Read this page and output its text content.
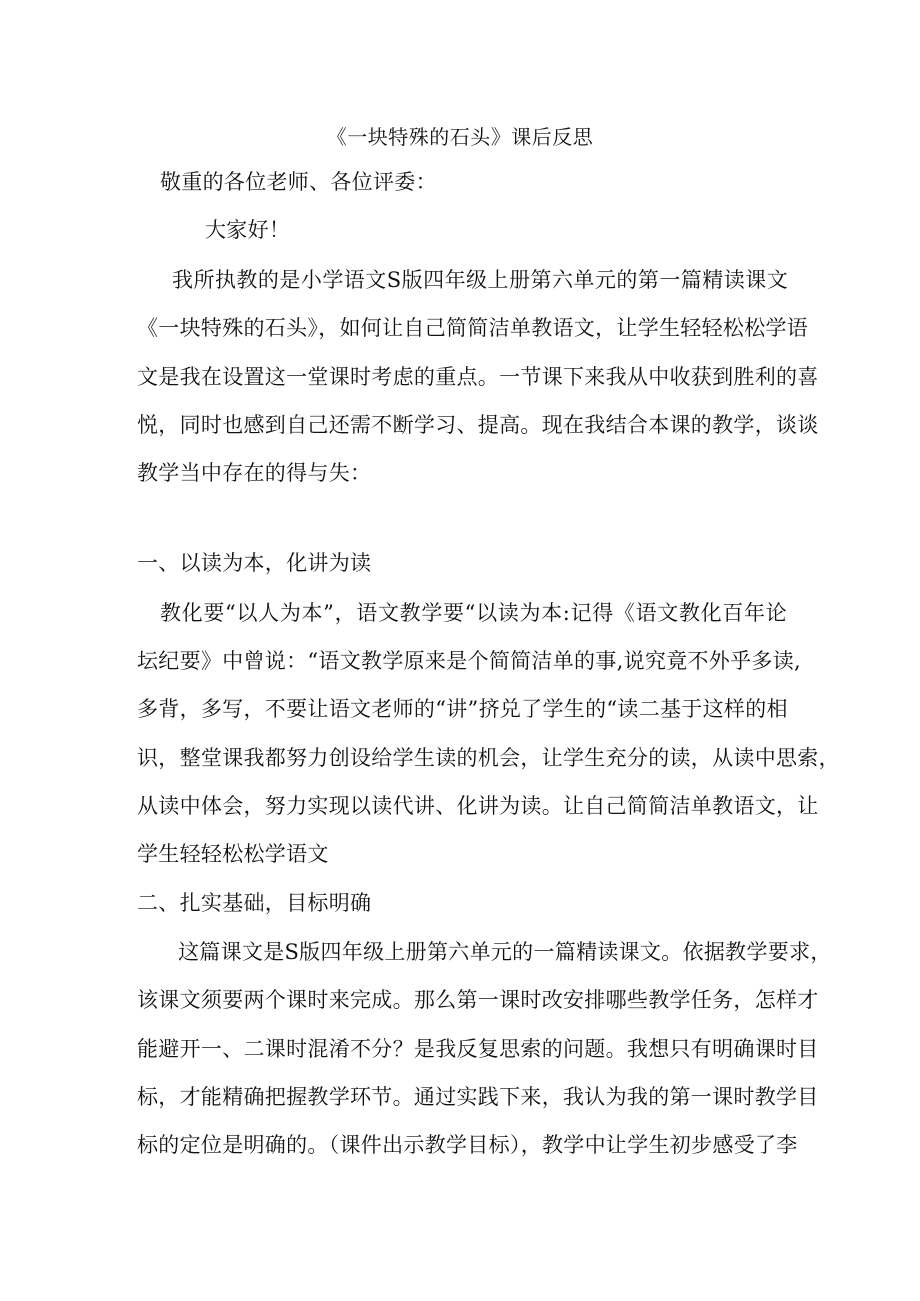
《一块特殊的石头》课后反思
敬重的各位老师、各位评委：
大家好！
我所执教的是小学语文S版四年级上册第六单元的第一篇精读课文
《一块特殊的石头》，如何让自己简简洁单教语文，让学生轻轻松松学语
文是我在设置这一堂课时考虑的重点。一节课下来我从中收获到胜利的喜
悦，同时也感到自己还需不断学习、提高。现在我结合本课的教学，谈谈
教学当中存在的得与失：
一、以读为本，化讲为读
教化要“以人为本”，语文教学要“以读为本:记得《语文教化百年论
坛纪要》中曾说：“语文教学原来是个简简洁单的事,说究竟不外乎多读,
多背，多写，不要让语文老师的“讲”挤兑了学生的“读二基于这样的相
识，整堂课我都努力创设给学生读的机会，让学生充分的读，从读中思索，
从读中体会，努力实现以读代讲、化讲为读。让自己简简洁单教语文，让
学生轻轻松松学语文
二、扎实基础，目标明确
这篇课文是S版四年级上册第六单元的一篇精读课文。依据教学要求，
该课文须要两个课时来完成。那么第一课时改安排哪些教学任务，怎样才
能避开一、二课时混淆不分？是我反复思索的问题。我想只有明确课时目
标，才能精确把握教学环节。通过实践下来，我认为我的第一课时教学目
标的定位是明确的。（课件出示教学目标），教学中让学生初步感受了李
